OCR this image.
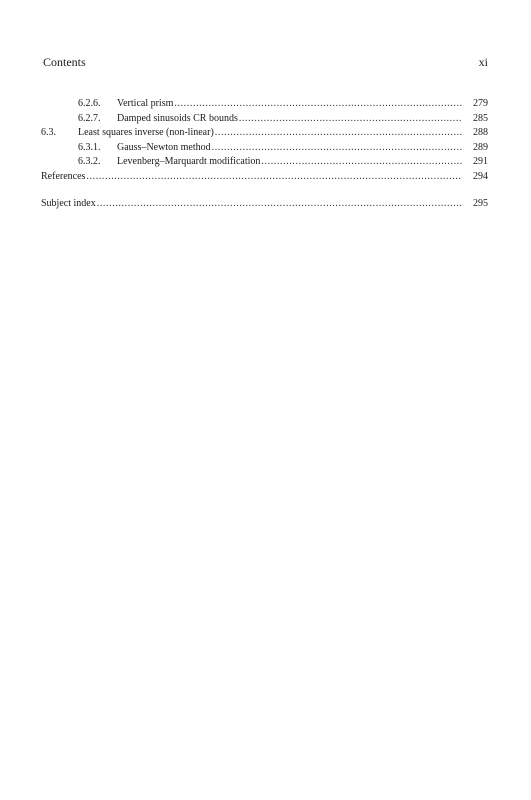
Contents	xi
6.2.6. Vertical prism .....	279
6.2.7. Damped sinusoids CR bounds .....	285
6.3. Least squares inverse (non-linear) .....	288
6.3.1. Gauss–Newton method .....	289
6.3.2. Levenberg–Marquardt modification .....	291
References .....	294
Subject index .....	295
